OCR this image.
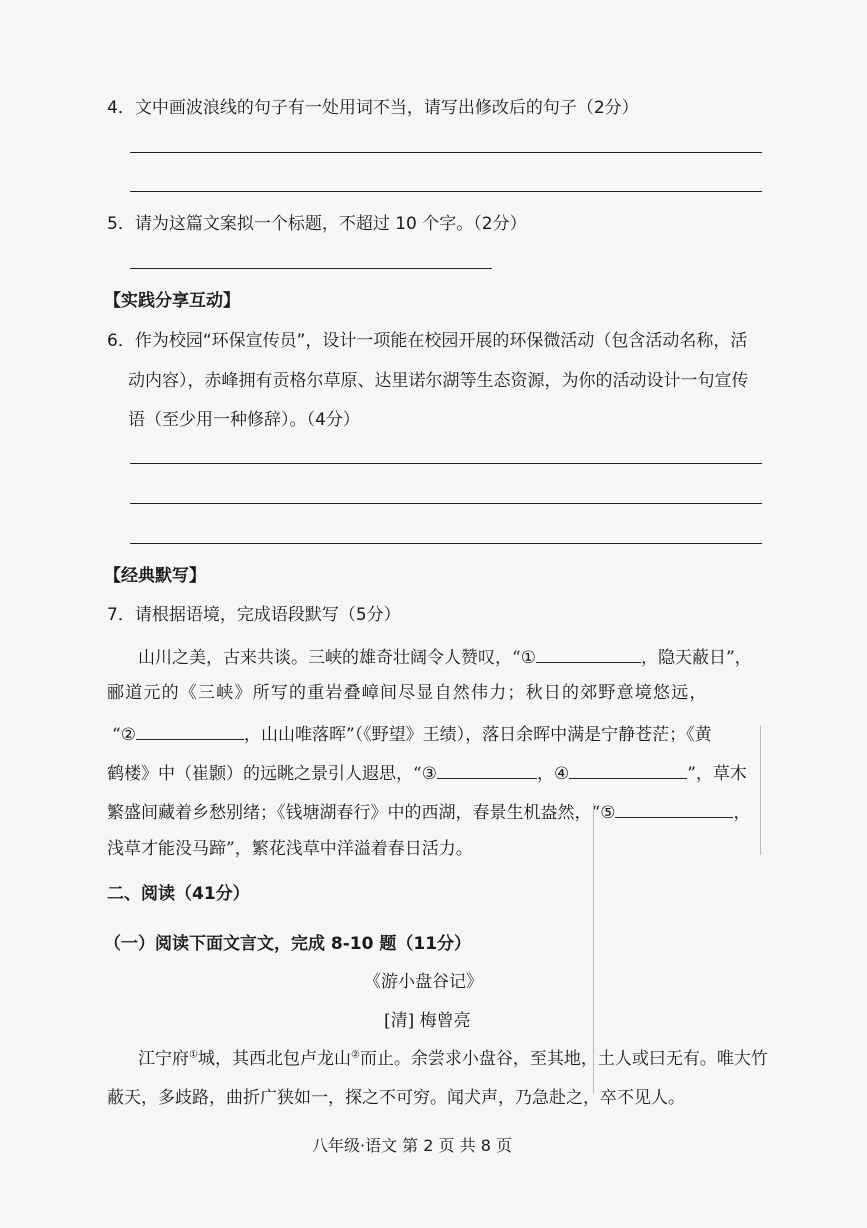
4．文中画波浪线的句子有一处用词不当，请写出修改后的句子（2分）
5．请为这篇文案拟一个标题，不超过 10 个字。（2分）
【实践分享互动】
6．作为校园“环保宣传员”，设计一项能在校园开展的环保微活动（包含活动名称，活
动内容），赤峰拥有贡格尔草原、达里诺尔湖等生态资源，为你的活动设计一句宣传
语（至少用一种修辞）。（4分）
【经典默写】
7．请根据语境，完成语段默写（5分）
山川之美，古来共谈。三峡的雄奇壮阔令人赞叹，“①	，隐天蔽日”，
郦道元的《三峡》所写的重岩叠嶂间尽显自然伟力；秋日的郊野意境悠远，
“②	，山山唯落晖”（《野望》王绩），落日余晖中满是宁静苍茫；《黄
鹤楼》中（崔颢）的远眺之景引人遐思，“③	，④	”，草木
繁盛间藏着乡愁别绪；《钱塘湖春行》中的西湖，春景生机盎然，“⑤	，
浅草才能没马蹄”，繁花浅草中洋溢着春日活力。
二、阅读（41分）
（一）阅读下面文言文，完成 8-10 题（11分）
《游小盘谷记》
[清] 梅曾亮
江宁府①城，其西北包卢龙山②而止。余尝求小盘谷，至其地，土人或曰无有。唯大竹
蔽天，多歧路，曲折广狭如一，探之不可穷。闻犬声，乃急赴之，卒不见人。
八年级·语文 第 2 页 共 8 页
